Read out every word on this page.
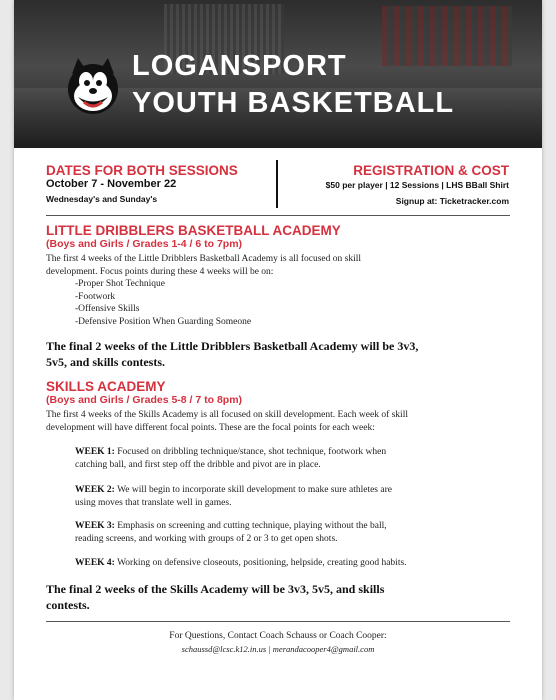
LOGANSPORT
YOUTH BASKETBALL
DATES FOR BOTH SESSIONS
October 7 - November 22
Wednesday's and Sunday's
REGISTRATION & COST
$50 per player | 12 Sessions | LHS BBall Shirt
Signup at: Ticketracker.com
LITTLE DRIBBLERS BASKETBALL ACADEMY
(Boys and Girls / Grades 1-4 / 6 to 7pm)
The first 4 weeks of the Little Dribblers Basketball Academy is all focused on skill
development. Focus points during these 4 weeks will be on:
-Proper Shot Technique
-Footwork
-Offensive Skills
-Defensive Position When Guarding Someone
The final 2 weeks of the Little Dribblers Basketball Academy will be 3v3,
5v5, and skills contests.
SKILLS ACADEMY
(Boys and Girls / Grades 5-8 / 7 to 8pm)
The first 4 weeks of the Skills Academy is all focused on skill development. Each week of skill
development will have different focal points. These are the focal points for each week:
WEEK 1: Focused on dribbling technique/stance, shot technique, footwork when
catching ball, and first step off the dribble and pivot are in place.
WEEK 2: We will begin to incorporate skill development to make sure athletes are
using moves that translate well in games.
WEEK 3: Emphasis on screening and cutting technique, playing without the ball,
reading screens, and working with groups of 2 or 3 to get open shots.
WEEK 4: Working on defensive closeouts, positioning, helpside, creating good habits.
The final 2 weeks of the Skills Academy will be 3v3, 5v5, and skills
contests.
For Questions, Contact Coach Schauss or Coach Cooper:
schaussd@lcsc.k12.in.us | merandacooper4@gmail.com
